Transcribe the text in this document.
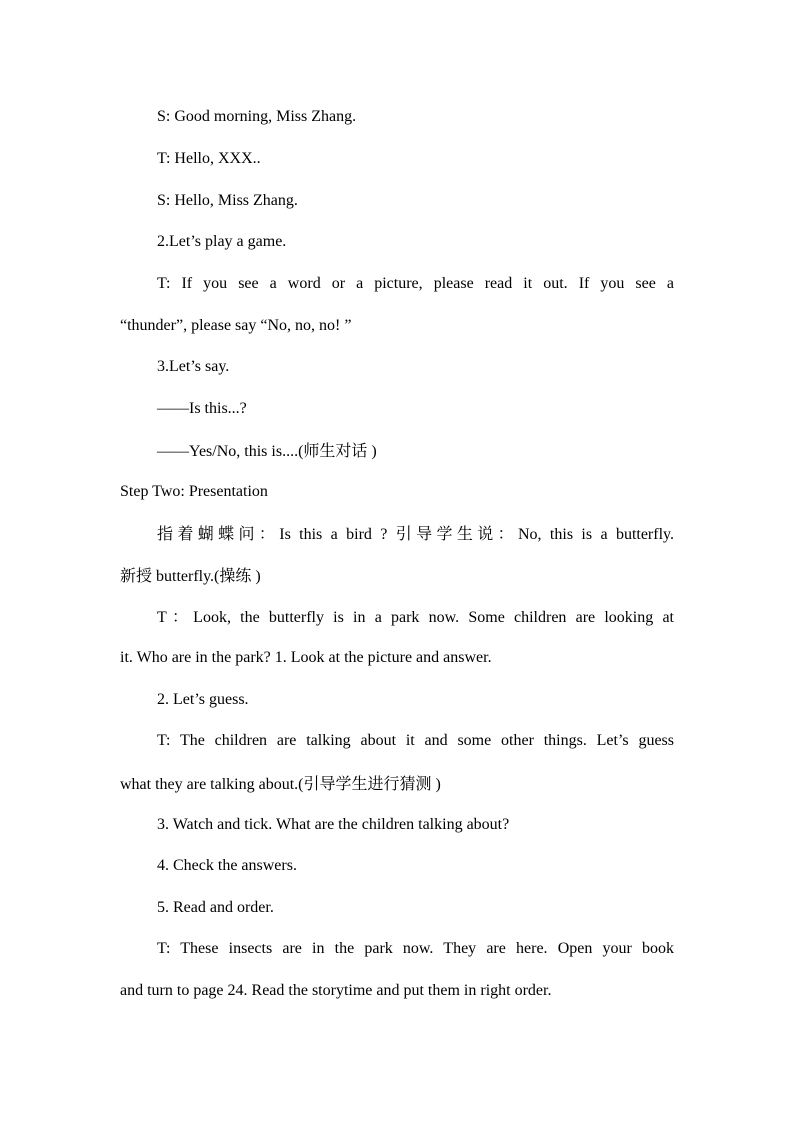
S: Good morning, Miss Zhang.
T: Hello, XXX..
S: Hello, Miss Zhang.
2.Let’s play a game.
T: If you see a word or a picture, please read it out. If you see a
“thunder”, please say “No, no, no! ”
3.Let’s say.
——Is this...?
——Yes/No, this is....(师生对话 )
Step Two: Presentation
指着蝴蝶问：Is this a bird ? 引导学生说：No, this is a butterfly.
新授 butterfly.(操练 )
T：Look, the butterfly is in a park now. Some children are looking at
it. Who are in the park? 1. Look at the picture and answer.
2. Let’s guess.
T: The children are talking about it and some other things. Let’s guess
what they are talking about.(引导学生进行猜测 )
3. Watch and tick. What are the children talking about?
4. Check the answers.
5. Read and order.
T: These insects are in the park now. They are here. Open your book
and turn to page 24. Read the storytime and put them in right order.
